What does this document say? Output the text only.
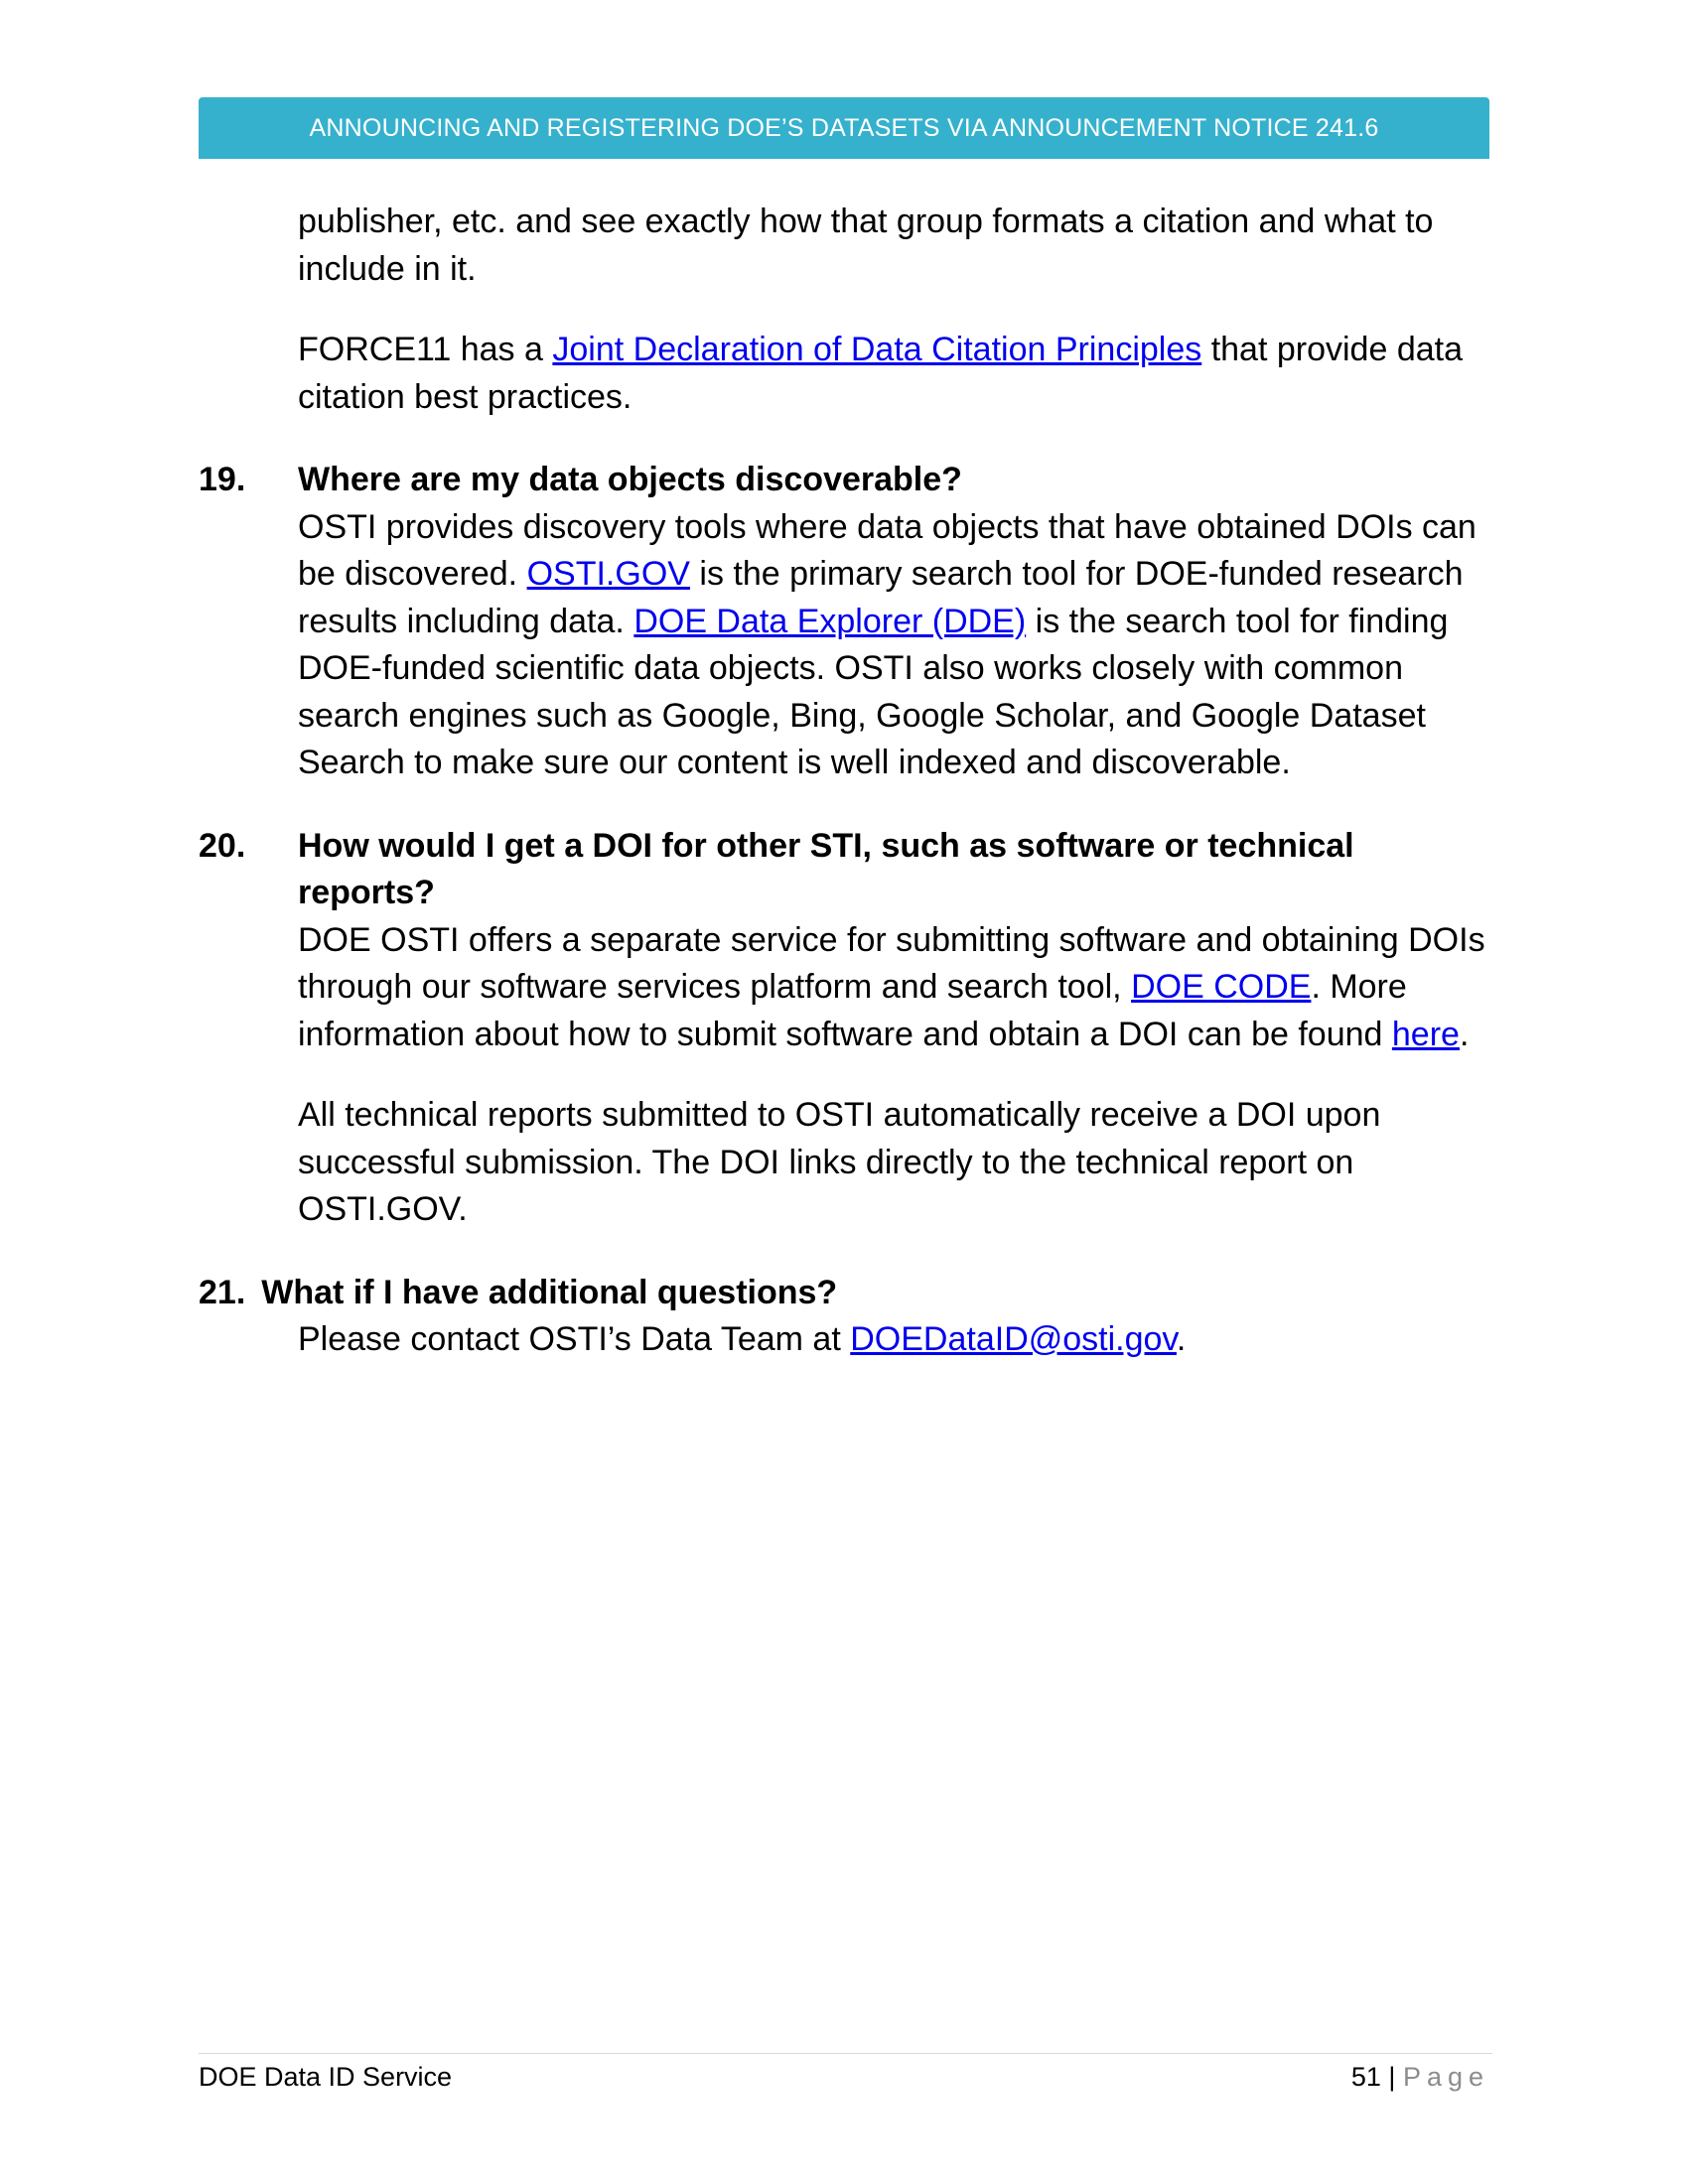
ANNOUNCING AND REGISTERING DOE’S DATASETS VIA ANNOUNCEMENT NOTICE 241.6

publisher, etc. and see exactly how that group formats a citation and what to include in it.

FORCE11 has a Joint Declaration of Data Citation Principles that provide data citation best practices.

19.	Where are my data objects discoverable?

OSTI provides discovery tools where data objects that have obtained DOIs can be discovered. OSTI.GOV is the primary search tool for DOE-funded research results including data. DOE Data Explorer (DDE) is the search tool for finding DOE-funded scientific data objects. OSTI also works closely with common search engines such as Google, Bing, Google Scholar, and Google Dataset Search to make sure our content is well indexed and discoverable.

20.	How would I get a DOI for other STI, such as software or technical reports?

DOE OSTI offers a separate service for submitting software and obtaining DOIs through our software services platform and search tool, DOE CODE. More information about how to submit software and obtain a DOI can be found here.

All technical reports submitted to OSTI automatically receive a DOI upon successful submission. The DOI links directly to the technical report on OSTI.GOV.

21. What if I have additional questions?

Please contact OSTI’s Data Team at DOEDataID@osti.gov.

DOE Data ID Service	51 | Page
